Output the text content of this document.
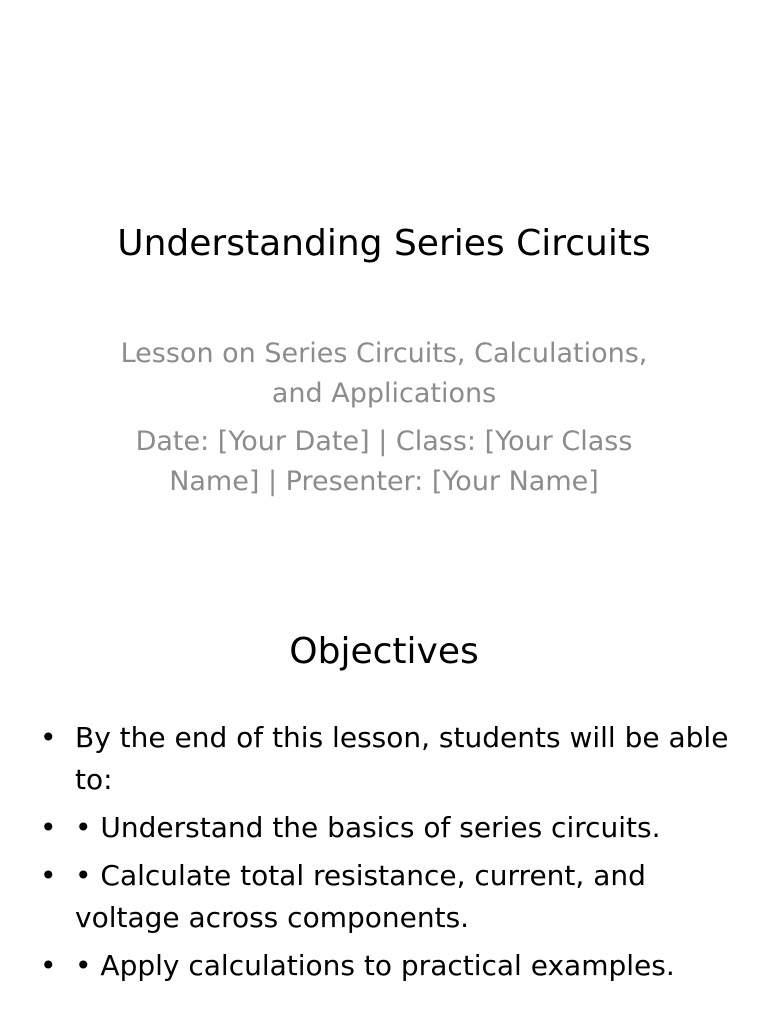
Understanding Series Circuits

Lesson on Series Circuits, Calculations, and Applications

Date: [Your Date] | Class: [Your Class Name] | Presenter: [Your Name]

Objectives
• By the end of this lesson, students will be able to:
• • Understand the basics of series circuits.
• • Calculate total resistance, current, and voltage across components.
• • Apply calculations to practical examples.
